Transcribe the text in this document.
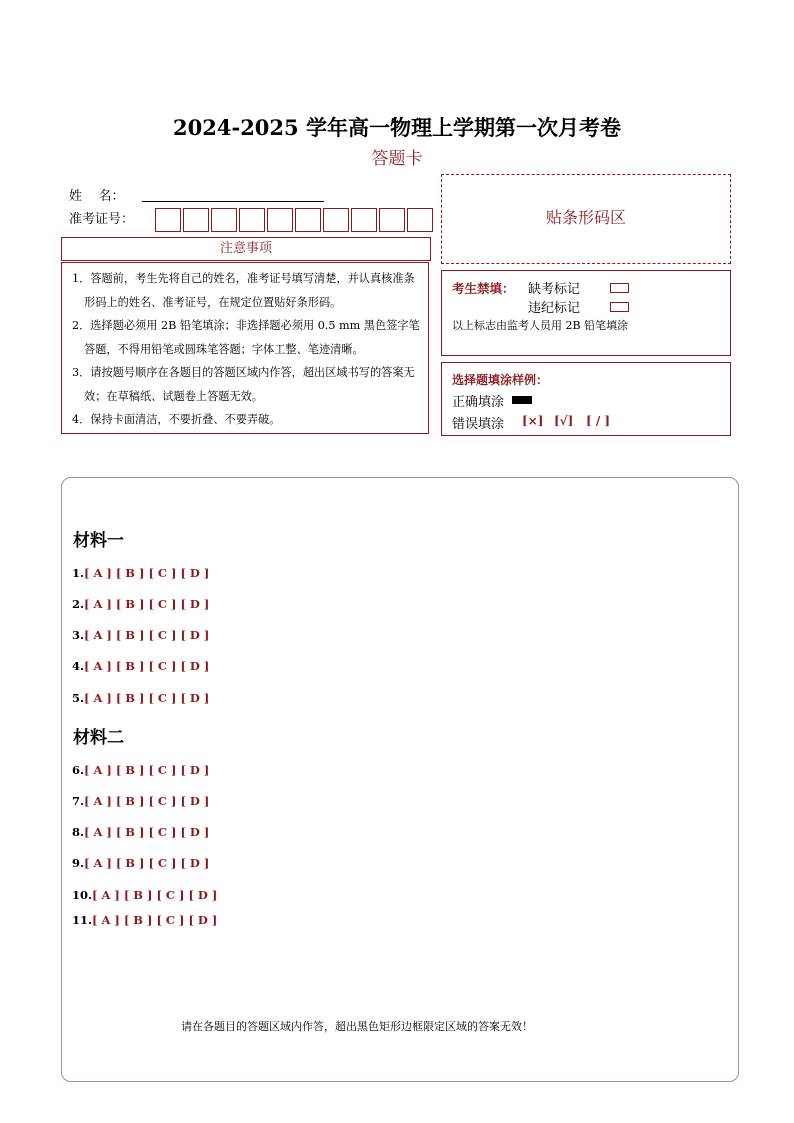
2024-2025 学年高一物理上学期第一次月考卷
答题卡
姓    名：
准考证号：
注意事项
1．答题前，考生先将自己的姓名，准考证号填写清楚，并认真核准条形码上的姓名、准考证号，在规定位置贴好条形码。
2．选择题必须用 2B 铅笔填涂；非选择题必须用 0.5 mm 黑色签字笔答题，不得用铅笔或圆珠笔答题；字体工整、笔迹清晰。
3．请按题号顺序在各题目的答题区域内作答，超出区域书写的答案无效；在草稿纸、试题卷上答题无效。
4．保持卡面清洁，不要折叠、不要弄破。
贴条形码区
考生禁填： 缺考标记
违纪标记
以上标志由监考人员用 2B 铅笔填涂
选择题填涂样例：
正确填涂
错误填涂 [×] [√] [ / ]
材料一
1.[ A ] [ B ] [ C ] [ D ]
2.[ A ] [ B ] [ C ] [ D ]
3.[ A ] [ B ] [ C ] [ D ]
4.[ A ] [ B ] [ C ] [ D ]
5.[ A ] [ B ] [ C ] [ D ]
材料二
6.[ A ] [ B ] [ C ] [ D ]
7.[ A ] [ B ] [ C ] [ D ]
8.[ A ] [ B ] [ C ] [ D ]
9.[ A ] [ B ] [ C ] [ D ]
10.[ A ] [ B ] [ C ] [ D ]
11.[ A ] [ B ] [ C ] [ D ]
请在各题目的答题区域内作答，超出黑色矩形边框限定区域的答案无效！
